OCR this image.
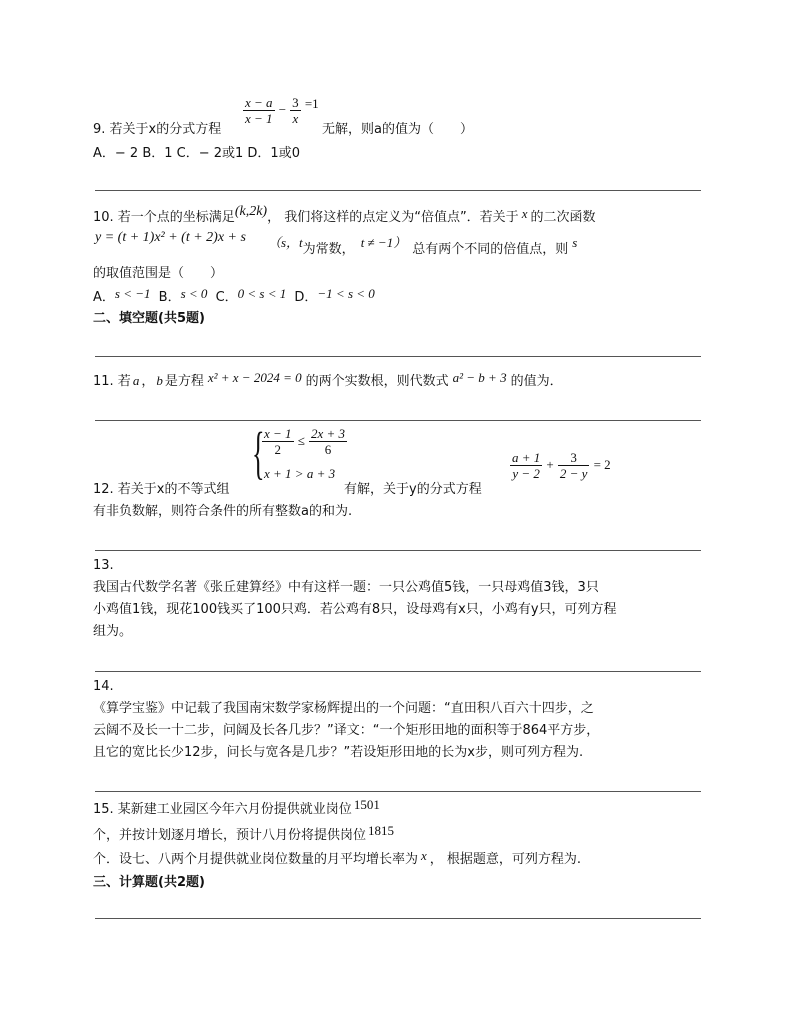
$\frac{x - a}{x - 1} - \frac{3}{x} =1$
9. 若关于x的分式方程	无解，则a的值为（　　）
A．− 2 B．1 C．− 2或1 D．1或0
10. 若一个点的坐标满足(k,2k)， 我们将这样的点定义为“倍值点”．若关于 x 的二次函数
y = (t + 1)x² + (t + 2)x + s （s，t为常数， t ≠ −1） 总有两个不同的倍值点，则 s
的取值范围是（　　）
A．s < −1 B．s < 0 C．0 < s < 1 D．−1 < s < 0
二、填空题(共5题)
11. 若 a ， b 是方程 x² + x − 2024 = 0 的两个实数根，则代数式 a² − b + 3 的值为．
{
$\frac{x - 1}{2} \le \frac{2x + 3}{6}$
x + 1 > a + 3	$\frac{a + 1}{y - 2} + \frac{3}{2 - y} = 2$
12. 若关于x的不等式组	有解，关于y的分式方程
有非负数解，则符合条件的所有整数a的和为.
13.
我国古代数学名著《张丘建算经》中有这样一题：一只公鸡值5钱，一只母鸡值3钱，3只
小鸡值1钱，现花100钱买了100只鸡．若公鸡有8只，设母鸡有x只，小鸡有y只，可列方程
组为。
14.
《算学宝鉴》中记载了我国南宋数学家杨辉提出的一个问题：“直田积八百六十四步，之
云阔不及长一十二步，问阔及长各几步？”译文：“一个矩形田地的面积等于864平方步，
且它的宽比长少12步，问长与宽各是几步？”若设矩形田地的长为x步，则可列方程为.
15. 某新建工业园区今年六月份提供就业岗位 1501
个，并按计划逐月增长，预计八月份将提供岗位 1815
个．设七、八两个月提供就业岗位数量的月平均增长率为 x ， 根据题意，可列方程为.
三、计算题(共2题)
